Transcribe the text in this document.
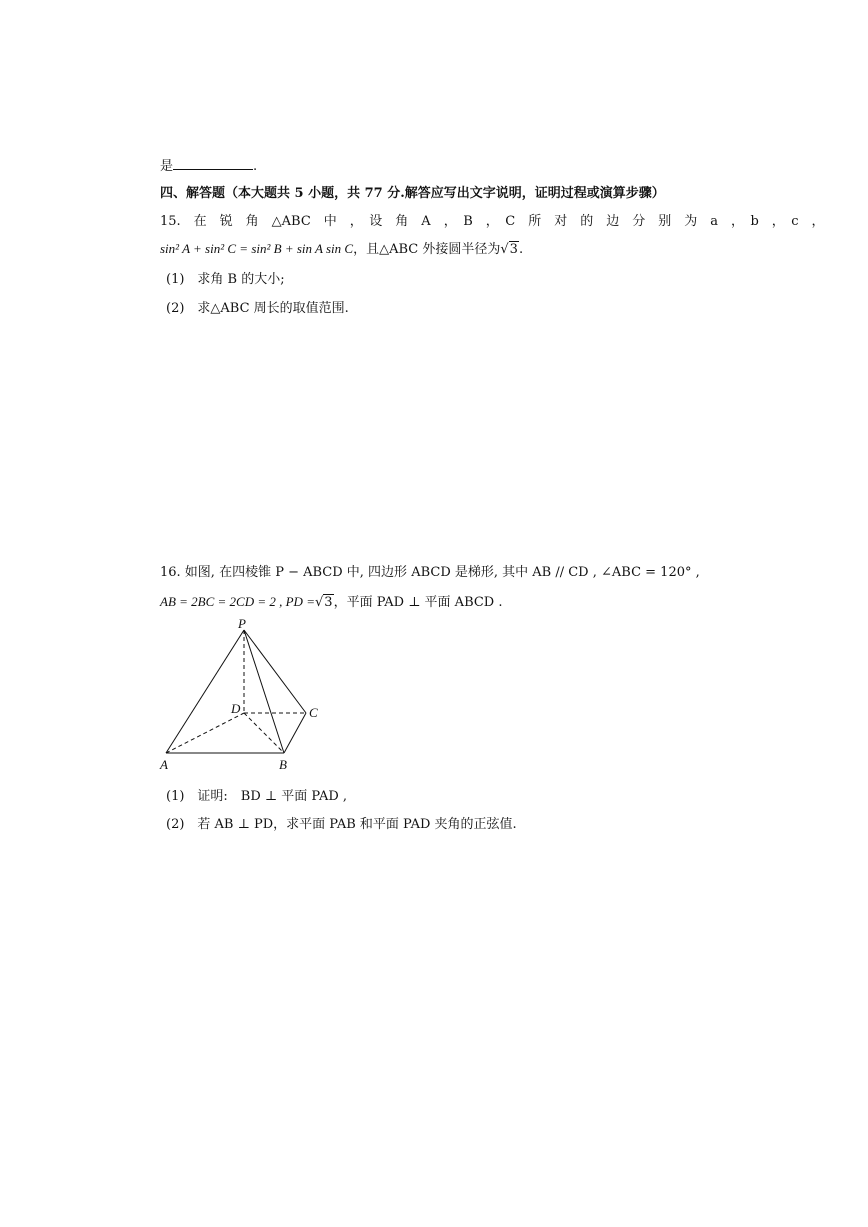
是	.
四、解答题（本大题共 5 小题，共 77 分.解答应写出文字说明，证明过程或演算步骤）
15.　在　锐　角　△ABC　中　，　设　角　A　，　B　，　C　所　对　的　边　分　别　为　a　，　b　，　c　，
sin² A + sin² C = sin² B + sin A sin C，且△ABC 外接圆半径为√3.
(1)　求角 B 的大小;
(2)　求△ABC 周长的取值范围.
16. 如图, 在四棱锥 P − ABCD 中, 四边形 ABCD 是梯形, 其中 AB // CD , ∠ABC = 120° ,
AB = 2BC = 2CD = 2 , PD =√3，平面 PAD ⊥ 平面 ABCD .
P
D	C
A	B
(1)　证明:　BD ⊥ 平面 PAD ,
(2)　若 AB ⊥ PD，求平面 PAB 和平面 PAD 夹角的正弦值.
